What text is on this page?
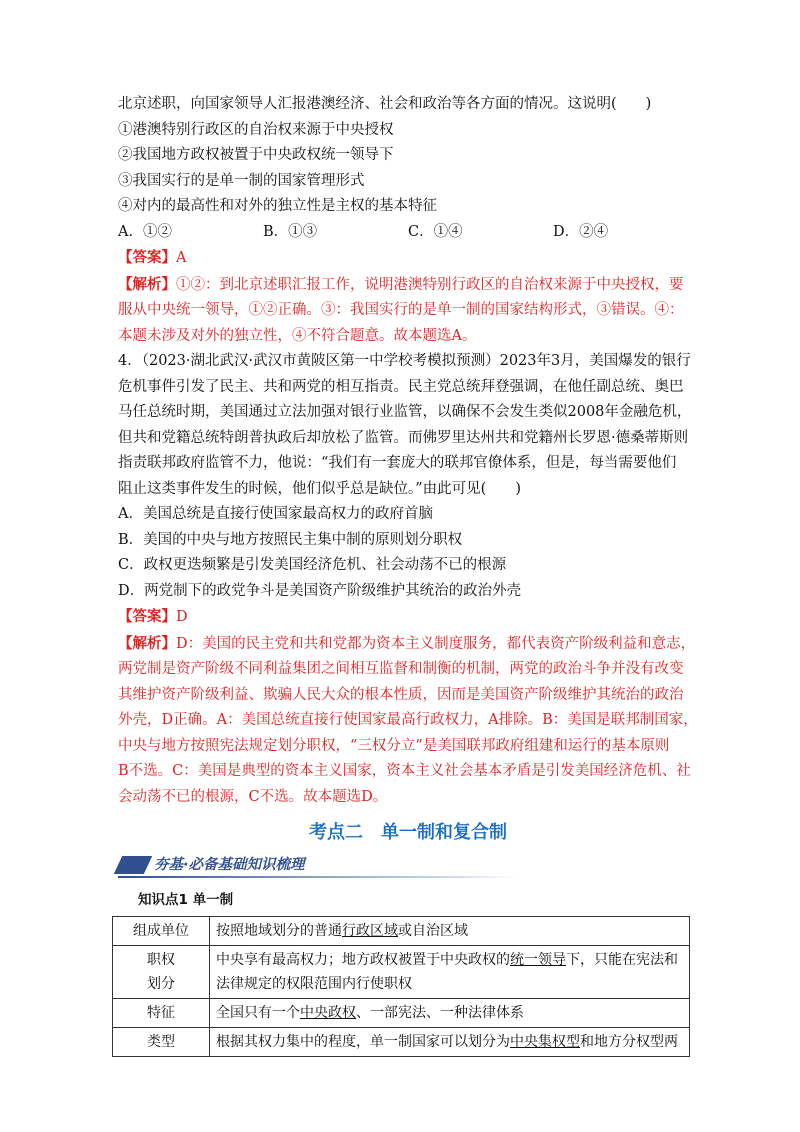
北京述职，向国家领导人汇报港澳经济、社会和政治等各方面的情况。这说明(　　)
①港澳特别行政区的自治权来源于中央授权
②我国地方政权被置于中央政权统一领导下
③我国实行的是单一制的国家管理形式
④对内的最高性和对外的独立性是主权的基本特征
A．①②	B．①③	C．①④	D．②④
【答案】A
【解析】①②：到北京述职汇报工作，说明港澳特别行政区的自治权来源于中央授权，要
服从中央统一领导，①②正确。③：我国实行的是单一制的国家结构形式，③错误。④：
本题未涉及对外的独立性，④不符合题意。故本题选A。
4．（2023·湖北武汉·武汉市黄陂区第一中学校考模拟预测）2023年3月，美国爆发的银行
危机事件引发了民主、共和两党的相互指责。民主党总统拜登强调，在他任副总统、奥巴
马任总统时期，美国通过立法加强对银行业监管，以确保不会发生类似2008年金融危机，
但共和党籍总统特朗普执政后却放松了监管。而佛罗里达州共和党籍州长罗恩·德桑蒂斯则
指责联邦政府监管不力，他说：“我们有一套庞大的联邦官僚体系，但是，每当需要他们
阻止这类事件发生的时候，他们似乎总是缺位。”由此可见(　　)
A．美国总统是直接行使国家最高权力的政府首脑
B．美国的中央与地方按照民主集中制的原则划分职权
C．政权更迭频繁是引发美国经济危机、社会动荡不已的根源
D．两党制下的政党争斗是美国资产阶级维护其统治的政治外壳
【答案】D
【解析】D：美国的民主党和共和党都为资本主义制度服务，都代表资产阶级利益和意志，
两党制是资产阶级不同利益集团之间相互监督和制衡的机制，两党的政治斗争并没有改变
其维护资产阶级利益、欺骗人民大众的根本性质，因而是美国资产阶级维护其统治的政治
外壳，D正确。A：美国总统直接行使国家最高行政权力，A排除。B：美国是联邦制国家，
中央与地方按照宪法规定划分职权，“三权分立”是美国联邦政府组建和运行的基本原则
B不选。C：美国是典型的资本主义国家，资本主义社会基本矛盾是引发美国经济危机、社
会动荡不已的根源，C不选。故本题选D。
考点二　单一制和复合制
夯基·必备基础知识梳理
知识点1 单一制
组成单位	按照地域划分的普通行政区域或自治区域
职权划分	中央享有最高权力；地方政权被置于中央政权的统一领导下，只能在宪法和法律规定的权限范围内行使职权
特征	全国只有一个中央政权、一部宪法、一种法律体系
类型	根据其权力集中的程度，单一制国家可以划分为中央集权型和地方分权型两
